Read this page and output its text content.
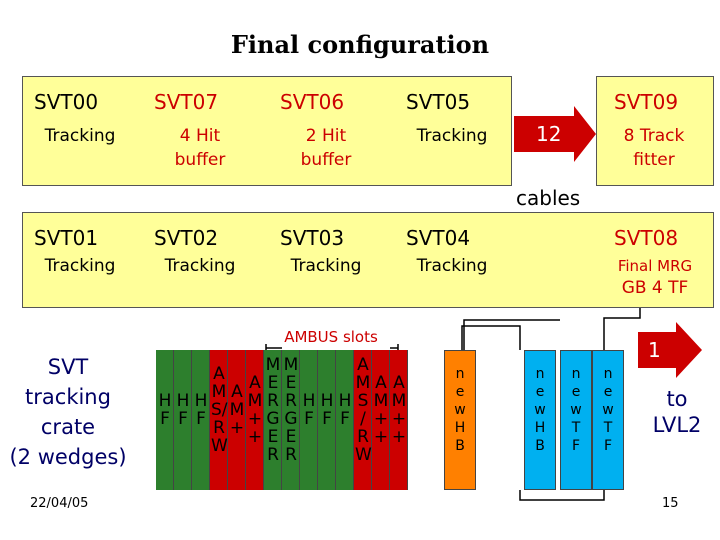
Final configuration
SVT00
Tracking
SVT07
4 Hit
buffer
SVT06
2 Hit
buffer
SVT05
Tracking
SVT01
Tracking
SVT02
Tracking
SVT03
Tracking
SVT04
Tracking
SVT09
8 Track
fitter
SVT08
Final MRG
GB 4 TF
12
cables
SVT
tracking
crate
(2 wedges)
AMBUS slots
H
F
H
F
H
F
A
M
S/
R
W
A
M
+
A
M
+
+
M
E
R
G
E
R
M
E
R
G
E
R
H
F
H
F
H
F
A
M
S
/
R
W
A
M
+
+
A
M
+
+
n
e
w
H
B
n
e
w
H
B
n
e
w
T
F
n
e
w
T
F
1
to
LVL2
22/04/05	15
